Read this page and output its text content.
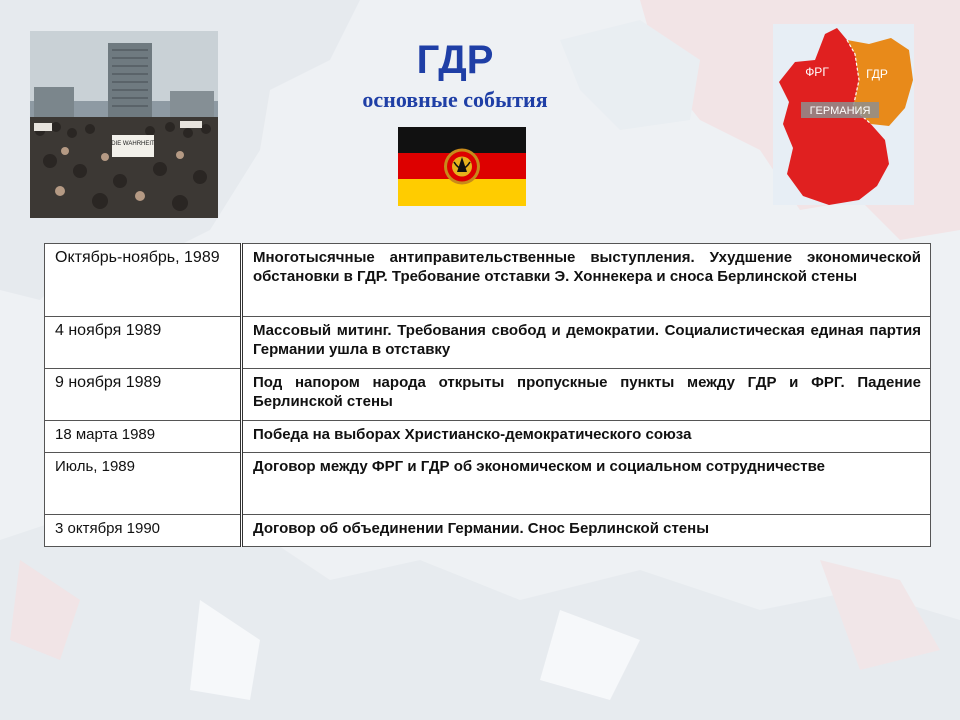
DIE WAHRHEIT
ГДР
основные события
ФРГ	ГДР
ГЕРМАНИЯ
Октябрь-ноябрь, 1989	Многотысячные антиправительственные выступления. Ухудшение экономической обстановки в ГДР. Требование отставки Э. Хоннекера и сноса Берлинской стены
4 ноября 1989	Массовый митинг. Требования свобод и демократии. Социалистическая единая партия Германии ушла в отставку
9 ноября 1989	Под напором народа открыты пропускные пункты между ГДР и ФРГ. Падение Берлинской стены
18 марта 1989	Победа на выборах Христианско-демократического союза
Июль, 1989	Договор между ФРГ и ГДР об экономическом и социальном сотрудничестве
3 октября 1990	Договор об объединении Германии. Снос Берлинской стены
